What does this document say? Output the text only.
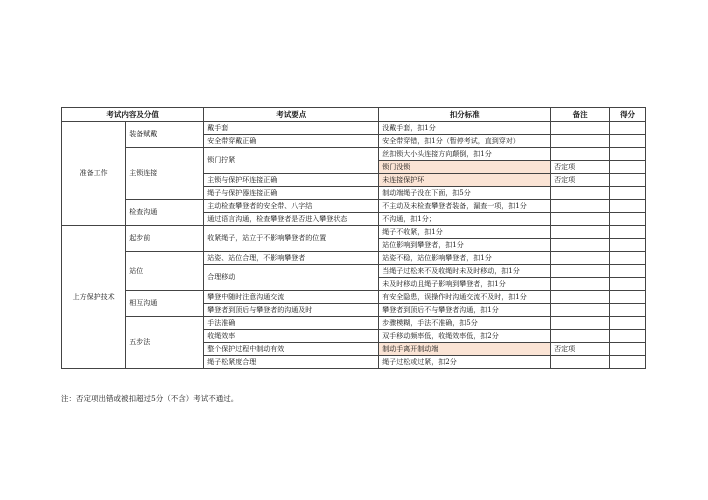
考试内容及分值		考试要点	扣分标准	备注	得分
准备工作	装备赋戴	戴手套	没戴手套，扣1分		
		安全带穿戴正确	安全带穿错，扣1分（暂停考试，直到穿对）		
	主锁连接	锁门拧紧	丝扣锁大小头连接方向颠倒，扣1分		
			锁门没锁	否定项	
		主锁与保护环连接正确	未连接保护环	否定项	
		绳子与保护器连接正确	制动端绳子没在下面，扣5分		
	检查沟通	主动检查攀登者的安全带、八字结	不主动及未检查攀登者装备，漏查一项，扣1分		
		通过语言沟通，检查攀登者是否进入攀登状态	不沟通，扣1分；		
上方保护技术	起步前	收紧绳子，站立于不影响攀登者的位置	绳子不收紧，扣1分		
			站位影响到攀登者，扣1分		
	站位	站姿、站位合理，不影响攀登者	站姿不稳，站位影响攀登者，扣1分		
		合理移动	当绳子过松来不及收绳时未及时移动，扣1分		
			未及时移动且绳子影响到攀登者，扣1分		
	相互沟通	攀登中随时注意沟通交流	有安全隐患，误操作时沟通交流不及时，扣1分		
		攀登者到顶后与攀登者的沟通及时	攀登者到顶后不与攀登者沟通，扣1分		
	五步法	手法准确	步骤模糊，手法不准确，扣5分		
		收绳效率	双手移动频率低，收绳效率低，扣2分		
		整个保护过程中制动有效	制动手离开制动端	否定项	
		绳子松紧度合理	绳子过松或过紧，扣2分		
注：否定项出错或被扣超过5分（不含）考试不通过。
